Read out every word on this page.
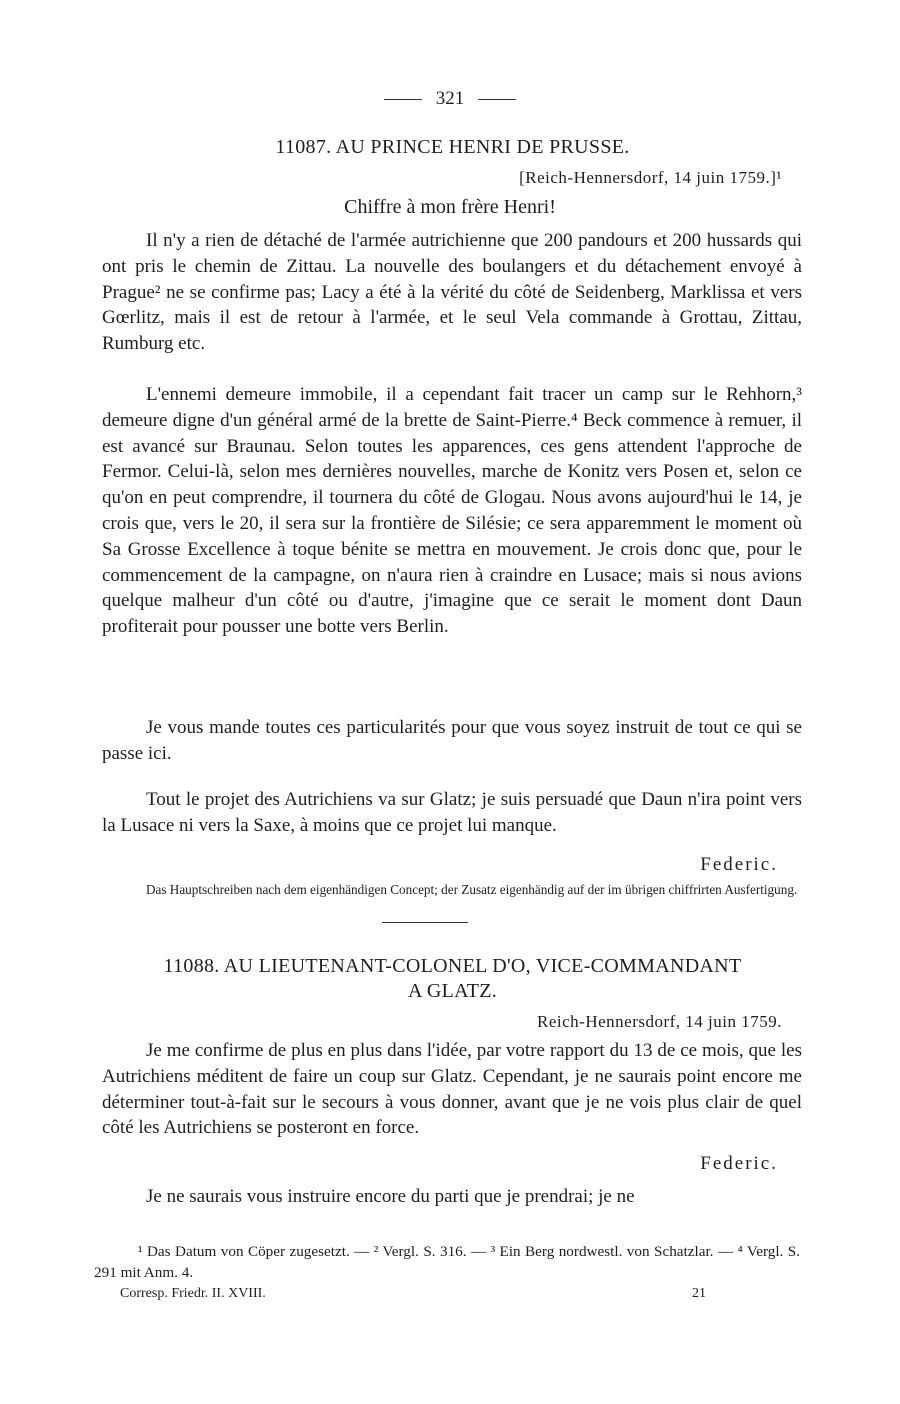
321
11087. AU PRINCE HENRI DE PRUSSE.
[Reich-Hennersdorf, 14 juin 1759.]¹
Chiffre à mon frère Henri!

Il n'y a rien de détaché de l'armée autrichienne que 200 pandours et 200 hussards qui ont pris le chemin de Zittau. La nouvelle des boulangers et du détachement envoyé à Prague² ne se confirme pas; Lacy a été à la vérité du côté de Seidenberg, Marklissa et vers Gœrlitz, mais il est de retour à l'armée, et le seul Vela commande à Grottau, Zittau, Rumburg etc.

L'ennemi demeure immobile, il a cependant fait tracer un camp sur le Rehhorn,³ demeure digne d'un général armé de la brette de Saint-Pierre.⁴ Beck commence à remuer, il est avancé sur Braunau. Selon toutes les apparences, ces gens attendent l'approche de Fermor. Celui-là, selon mes dernières nouvelles, marche de Konitz vers Posen et, selon ce qu'on en peut comprendre, il tournera du côté de Glogau. Nous avons aujourd'hui le 14, je crois que, vers le 20, il sera sur la frontière de Silésie; ce sera apparemment le moment où Sa Grosse Excellence à toque bénite se mettra en mouvement. Je crois donc que, pour le commencement de la campagne, on n'aura rien à craindre en Lusace; mais si nous avions quelque malheur d'un côté ou d'autre, j'imagine que ce serait le moment dont Daun profiterait pour pousser une botte vers Berlin.

Je vous mande toutes ces particularités pour que vous soyez instruit de tout ce qui se passe ici.

Tout le projet des Autrichiens va sur Glatz; je suis persuadé que Daun n'ira point vers la Lusace ni vers la Saxe, à moins que ce projet lui manque.

Federic.

Das Hauptschreiben nach dem eigenhändigen Concept; der Zusatz eigenhändig auf der im übrigen chiffrirten Ausfertigung.

11088. AU LIEUTENANT-COLONEL D'O, VICE-COMMANDANT
A GLATZ.
Reich-Hennersdorf, 14 juin 1759.

Je me confirme de plus en plus dans l'idée, par votre rapport du 13 de ce mois, que les Autrichiens méditent de faire un coup sur Glatz. Cependant, je ne saurais point encore me déterminer tout-à-fait sur le secours à vous donner, avant que je ne vois plus clair de quel côté les Autrichiens se posteront en force.

Federic.

Je ne saurais vous instruire encore du parti que je prendrai; je ne

¹ Das Datum von Cöper zugesetzt. — ² Vergl. S. 316. — ³ Ein Berg nordwestl. von Schatzlar. — ⁴ Vergl. S. 291 mit Anm. 4.

Corresp. Friedr. II. XVIII.	21
